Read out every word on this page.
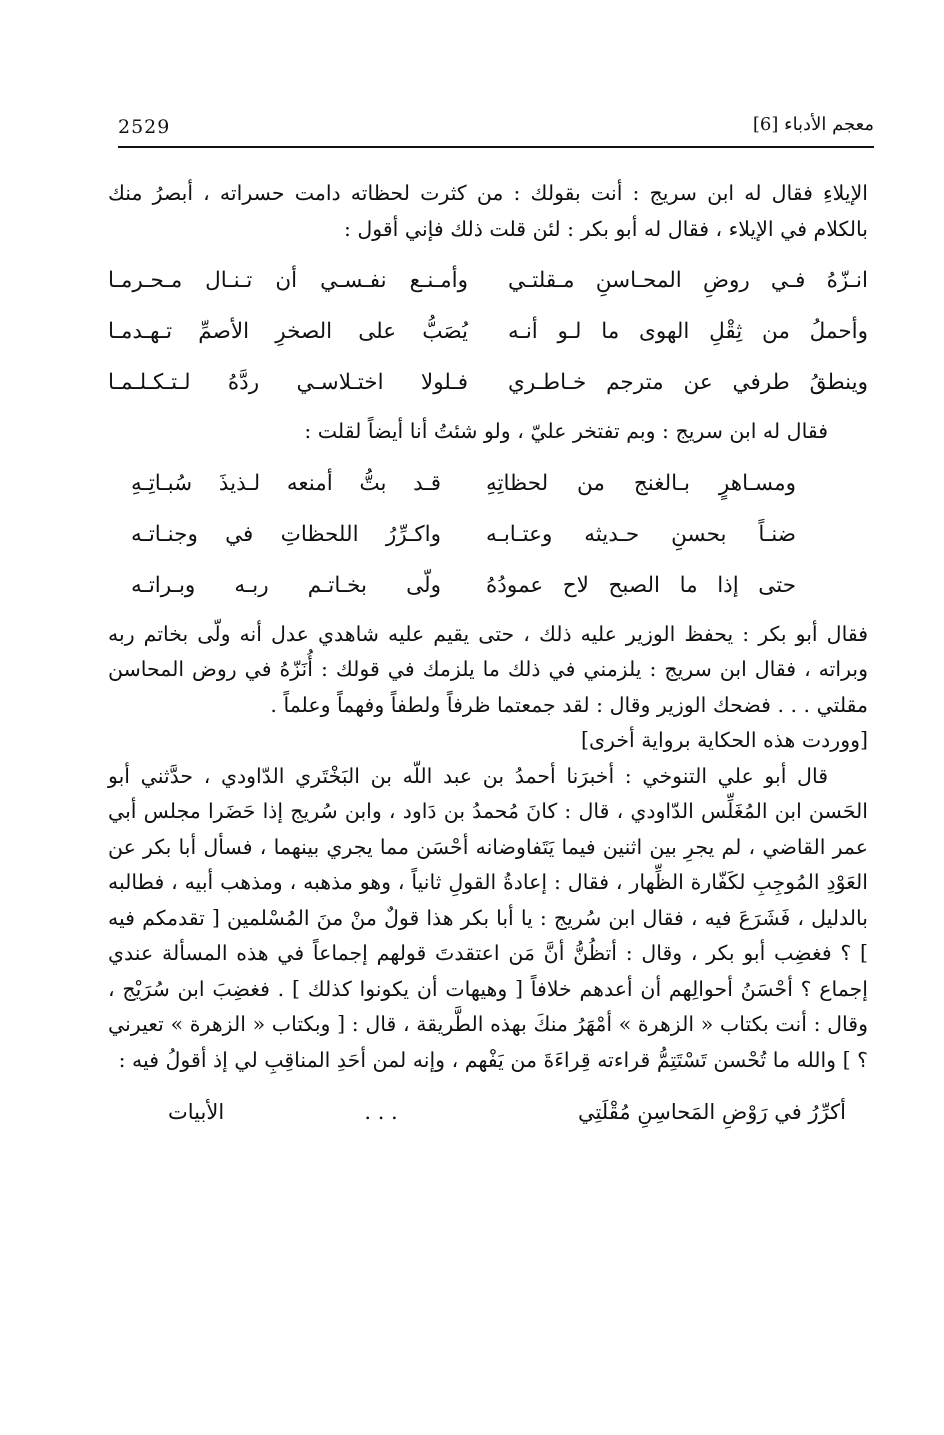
2529	معجم الأدباء [6]

الإيلاءِ فقال له ابن سريج : أنت بقولك : من كثرت لحظاته دامت حسراته ، أبصرُ منك بالكلام في الإيلاء ، فقال له أبو بكر : لئن قلت ذلك فإني أقول :

انـزّهُ فـي روضِ المحـاسنِ مـقلتـي
وأمـنـع نفـسـي أن تـنـال مـحـرمـا
وأحملُ من ثِقْلِ الهوى ما لـو أنـه
يُصَبُّ على الصخرِ الأصمِّ تـهـدمـا
وينطقُ طرفي عن مترجم خـاطـري
فـلولا اختـلاسـي ردَّهُ لـتـكـلـمـا

فقال له ابن سريج : وبم تفتخر عليّ ، ولو شئتُ أنا أيضاً لقلت :

ومسـاهرٍ بـالغنج من لحظاتِهِ
قـد بتُّ أمنعه لـذيذَ سُبـاتِـهِ
ضنـاً بحسنِ حـديثه وعتـابـه
واكـرِّرُ اللحظاتِ في وجنـاتـه
حتى إذا ما الصبح لاح عمودُهُ
ولّى بخـاتـم ربـه وبـراتـه

فقال أبو بكر : يحفظ الوزير عليه ذلك ، حتى يقيم عليه شاهدي عدل أنه ولّى بخاتم ربه وبراته ، فقال ابن سريج : يلزمني في ذلك ما يلزمك في قولك : أُنَزّهُ في روض المحاسن مقلتي . . . فضحك الوزير وقال : لقد جمعتما ظرفاً ولطفاً وفهماً وعلماً .

[ووردت هذه الحكاية برواية أخرى]

قال أبو علي التنوخي : أخبرَنا أحمدُ بن عبد اللّه بن البَخْتَري الدّاودي ، حدَّثني أبو الحَسن ابن المُغَلِّس الدّاودي ، قال : كانَ مُحمدُ بن دَاود ، وابن سُريج إذا حَضَرا مجلس أبي عمر القاضي ، لم يجرِ بين اثنين فيما يَتَفاوضانه أحْسَن مما يجري بينهما ، فسأل أبا بكر عن العَوْدِ المُوجِبِ لكَفّارة الظِّهار ، فقال : إعادةُ القولِ ثانياً ، وهو مذهبه ، ومذهب أبيه ، فطالبه بالدليل ، فَشَرَعَ فيه ، فقال ابن سُريج : يا أبا بكر هذا قولٌ منْ منَ المُسْلمين [ تقدمكم فيه ] ؟ فغضِب أبو بكر ، وقال : أتظُنُّ أنَّ مَن اعتقدتَ قولهم إجماعاً في هذه المسألة عندي إجماع ؟ أحْسَنُ أحوالِهم أن أعدهم خلافاً [ وهيهات أن يكونوا كذلك ] . فغضِبَ ابن سُرَيْج ، وقال : أنت بكتاب « الزهرة » أمْهَرُ منكَ بهذه الطَّريقة ، قال : [ وبكتاب « الزهرة » تعيرني ؟ ] والله ما تُحْسن تَسْتَتِمُّ قراءته قِراءَةَ من يَفْهم ، وإنه لمن أحَدِ المناقِبِ لي إذ أقولُ فيه :

أكرِّرُ في رَوْضِ المَحاسِنِ مُقْلَتِي
. . .
الأبيات
